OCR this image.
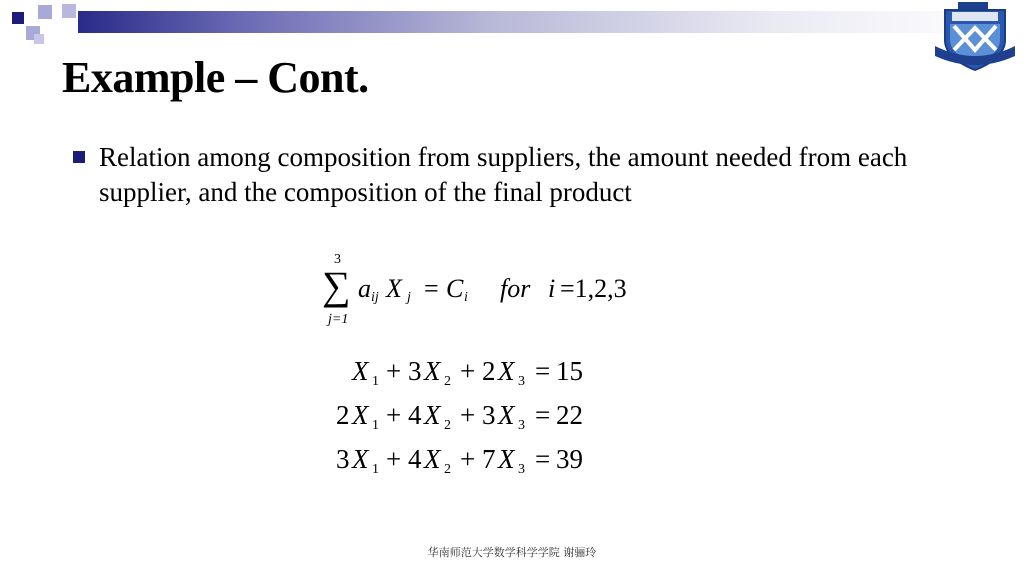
Example – Cont.
Relation among composition from suppliers, the amount needed from each supplier, and the composition of the final product
3
∑
j=1
a ij X j = C i for i =1,2,3
X 1 + 3 X 2 + 2 X 3 = 15
2 X 1 + 4 X 2 + 3 X 3 = 22
3 X 1 + 4 X 2 + 7 X 3 = 39
华南师范大学数学科学学院 谢骊玲
